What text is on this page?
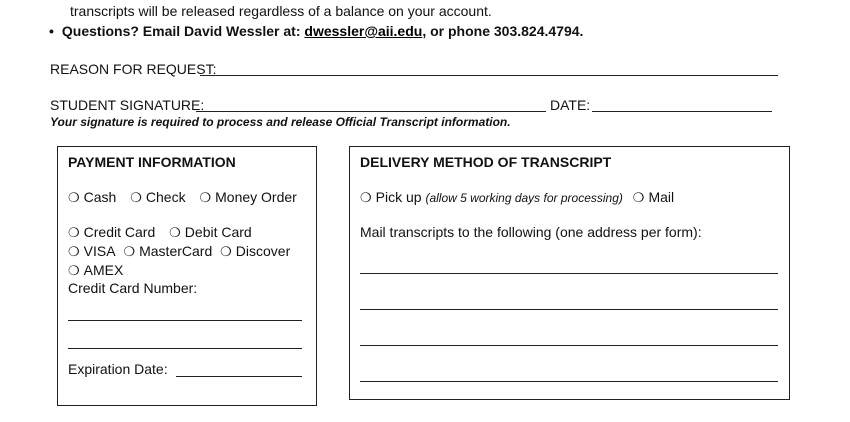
transcripts will be released regardless of a balance on your account.
• Questions? Email David Wessler at: dwessler@aii.edu, or phone 303.824.4794.
REASON FOR REQUEST:
STUDENT SIGNATURE:	DATE:
Your signature is required to process and release Official Transcript information.
PAYMENT INFORMATION
❍ Cash ❍ Check ❍ Money Order
❍ Credit Card ❍ Debit Card
❍ VISA ❍ MasterCard ❍ Discover
❍ AMEX
Credit Card Number:
Expiration Date:
DELIVERY METHOD OF TRANSCRIPT
❍ Pick up (allow 5 working days for processing) ❍ Mail
Mail transcripts to the following (one address per form):
